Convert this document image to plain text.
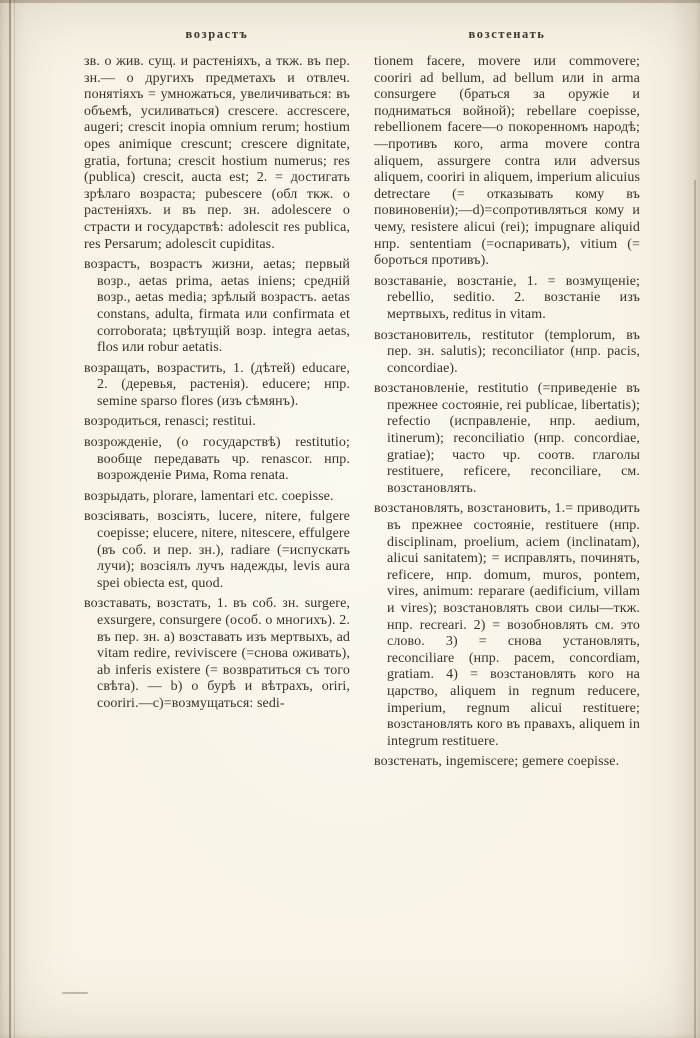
возрастъ	возстенать

зв. о жив. сущ. и растеніяхъ, а ткж. въ пер. зн.— о другихъ предметахъ и отвлеч. понятіяхъ = умножаться, увеличиваться: въ объемѣ, усиливаться) crescere. accrescere, augeri; crescit inopia omnium rerum; hostium opes animique crescunt; crescere dignitate, gratia, fortuna; crescit hostium numerus; res (publica) crescit, aucta est; 2. = достигать зрѣлаго возраста; pubescere (обл ткж. о растеніяхъ. и въ пер. зн. adolescere о страсти и государствѣ: adolescit res publica, res Persarum; adolescit cupiditas.

возрастъ, возрастъ жизни, aetas; первый возр., aetas prima, aetas iniens; средній возр., aetas media; зрѣлый возрастъ. aetas constans, adulta, firmata или confirmata et corroborata; цвѣтущій возр. integra aetas, flos или robur aetatis.

возращать, возрастить, 1. (дѣтей) educare, 2. (деревья, растенія). educere; нпр. semine sparso flores (изъ сѣмянъ).

возродиться, renasci; restitui.

возрожденіе, (о государствѣ) restitutio; вообще передавать чр. renascor. нпр. возрожденіе Рима, Roma renata.

возрыдать, plorare, lamentari etc. coepisse.

возсіявать, возсіять, lucere, nitere, fulgere coepisse; elucere, nitere, nitescere, effulgere (въ соб. и пер. зн.), radiare (=испускать лучи); возсіялъ лучъ надежды, levis aura spei obiecta est, quod.

возставать, возстать, 1. въ соб. зн. surgere, exsurgere, consurgere (особ. о многихъ). 2. въ пер. зн. a) возставать изъ мертвыхъ, ad vitam redire, reviviscere (=снова оживать), ab inferis existere (= возвратиться съ того свѣта). — b) о бурѣ и вѣтрахъ, oriri, cooriri.—c)=возмущаться: sedi-

tionem facere, movere или commovere; cooriri ad bellum, ad bellum или in arma consurgere (браться за оружіе и подниматься войной); rebellare coepisse, rebellionem facere—о покоренномъ народѣ;—противъ кого, arma movere contra aliquem, assurgere contra или adversus aliquem, cooriri in aliquem, imperium alicuius detrectare (= отказывать кому въ повиновеніи);—d)=сопротивляться кому и чему, resistere alicui (rei); impugnare aliquid нпр. sententiam (=оспаривать), vitium (= бороться противъ).

возставаніе, возстаніе, 1. = возмущеніе; rebellio, seditio. 2. возстаніе изъ мертвыхъ, reditus in vitam.

возстановитель, restitutor (templorum, въ пер. зн. salutis); reconciliator (нпр. pacis, concordiae).

возстановленіе, restitutio (=приведеніе въ прежнее состояніе, rei publicae, libertatis); refectio (исправленіе, нпр. aedium, itinerum); reconciliatio (нпр. concordiae, gratiae); часто чр. соотв. глаголы restituere, reficere, reconciliare, см. возстановлять.

возстановлять, возстановить, 1.= приводить въ прежнее состояніе, restituere (нпр. disciplinam, proelium, aciem (inclinatam), alicui sanitatem); = исправлять, починять, reficere, нпр. domum, muros, pontem, vires, animum: reparare (aedificium, villam и vires); возстановлять свои силы—ткж. нпр. recreari. 2) = возобновлять см. это слово. 3) = снова установлять, reconciliare (нпр. pacem, concordiam, gratiam. 4) = возстановлять кого на царство, aliquem in regnum reducere, imperium, regnum alicui restituere; возстановлять кого въ правахъ, aliquem in integrum restituere.

возстенать, ingemiscere; gemere coepisse.
